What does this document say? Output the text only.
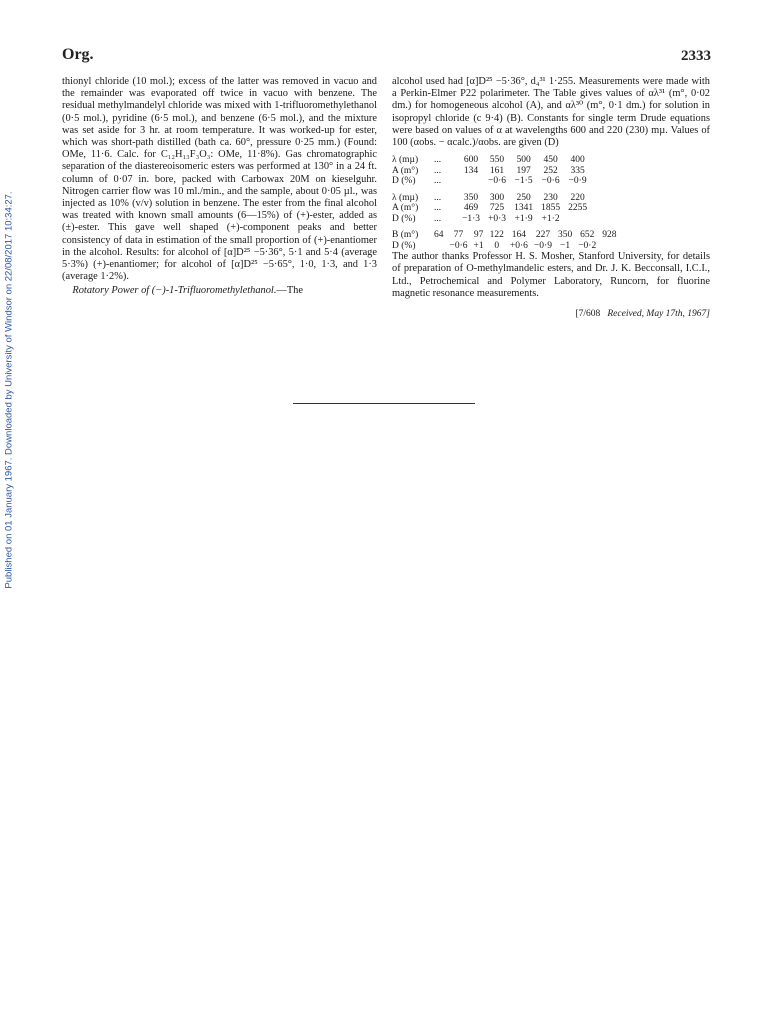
Published on 01 January 1967. Downloaded by University of Windsor on 22/08/2017 10:34:27.
Org.	2333

thionyl chloride (10 mol.); excess of the latter was removed in vacuo and the remainder was evaporated off twice in vacuo with benzene. The residual methylmandelyl chloride was mixed with 1-trifluoromethylethanol (0·5 mol.), pyridine (6·5 mol.), and benzene (6·5 mol.), and the mixture was set aside for 3 hr. at room temperature. It was worked-up for ester, which was short-path distilled (bath ca. 60°, pressure 0·25 mm.) (Found: OMe, 11·6. Calc. for C₁₂H₁₃F₃O₃: OMe, 11·8%). Gas chromatographic separation of the diastereoisomeric esters was performed at 130° in a 24 ft. column of 0·07 in. bore, packed with Carbowax 20M on kieselguhr. Nitrogen carrier flow was 10 ml./min., and the sample, about 0·05 µl., was injected as 10% (v/v) solution in benzene. The ester from the final alcohol was treated with known small amounts (6—15%) of (+)-ester, added as (±)-ester. This gave well shaped (+)-component peaks and better consistency of data in estimation of the small proportion of (+)-enantiomer in the alcohol. Results: for alcohol of [α]D²⁵ −5·36°, 5·1 and 5·4 (average 5·3%) (+)-enantiomer; for alcohol of [α]D²⁵ −5·65°, 1·0, 1·3, and 1·3 (average 1·2%).

Rotatory Power of (−)-1-Trifluoromethylethanol.—The

alcohol used had [α]D²⁵ −5·36°, d₄³¹ 1·255. Measurements were made with a Perkin-Elmer P22 polarimeter. The Table gives values of αλ³¹ (m°, 0·02 dm.) for homogeneous alcohol (A), and αλ³⁰ (m°, 0·1 dm.) for solution in isopropyl chloride (c 9·4) (B). Constants for single term Drude equations were based on values of α at wavelengths 600 and 220 (230) mµ. Values of 100 (αobs. − αcalc.)/αobs. are given (D)

λ (mµ)	...	600	550	500	450	400
A (m°)	...	134	161	197	252	335
D (%)	...		−0·6	−1·5	−0·6	−0·9

λ (mµ)	...	350	300	250	230	220
A (m°)	...	469	725	1341	1855	2255
D (%)	...	−1·3	+0·3	+1·9	+1·2	
B (m°)	64	77	97	122	164	227	350	652	928
D (%)		−0·6	+1	0	+0·6	−0·9	−1	−0·2	

The author thanks Professor H. S. Mosher, Stanford University, for details of preparation of O-methylmandelic esters, and Dr. J. K. Becconsall, I.C.I., Ltd., Petrochemical and Polymer Laboratory, Runcorn, for fluorine magnetic resonance measurements.

[7/608 Received, May 17th, 1967]
